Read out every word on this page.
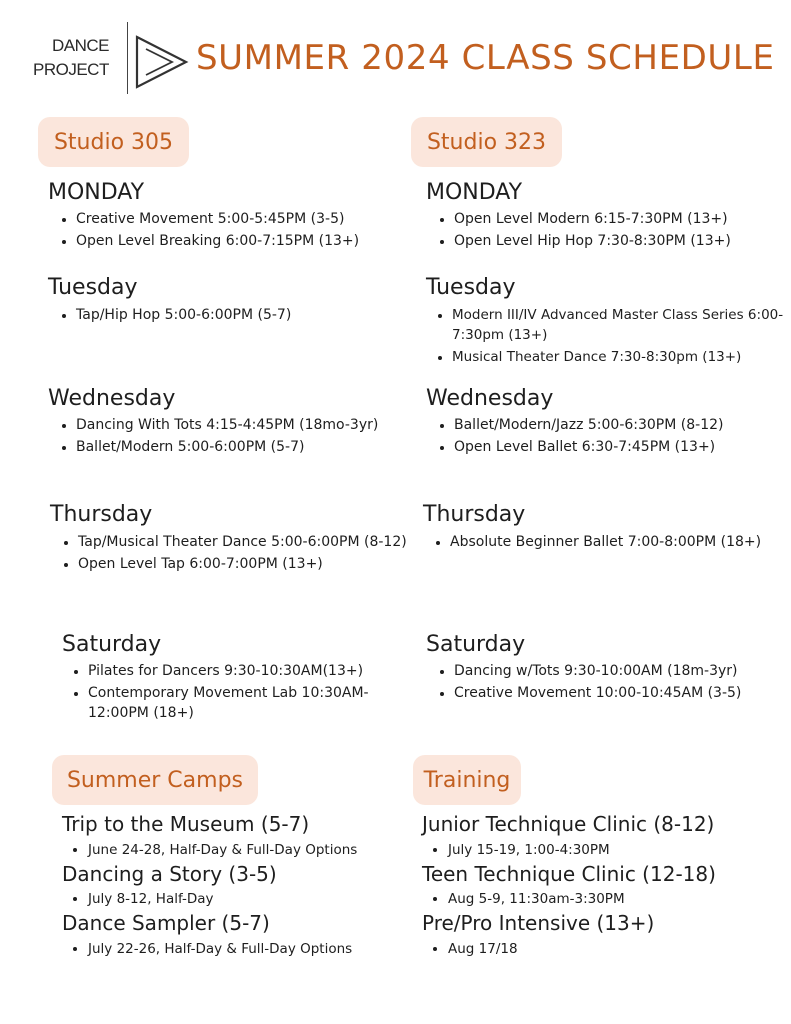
DANCE
PROJECT	SUMMER 2024 CLASS SCHEDULE
Studio 305
MONDAY
• Creative Movement 5:00-5:45PM (3-5)
• Open Level Breaking 6:00-7:15PM (13+)
Tuesday
• Tap/Hip Hop 5:00-6:00PM (5-7)
Wednesday
• Dancing With Tots 4:15-4:45PM (18mo-3yr)
• Ballet/Modern 5:00-6:00PM (5-7)
Thursday
• Tap/Musical Theater Dance 5:00-6:00PM (8-12)
• Open Level Tap 6:00-7:00PM (13+)
Saturday
• Pilates for Dancers 9:30-10:30AM(13+)
• Contemporary Movement Lab 10:30AM-12:00PM (18+)
Studio 323
MONDAY
• Open Level Modern 6:15-7:30PM (13+)
• Open Level Hip Hop 7:30-8:30PM (13+)
Tuesday
• Modern III/IV Advanced Master Class Series 6:00-7:30pm (13+)
• Musical Theater Dance 7:30-8:30pm (13+)
Wednesday
• Ballet/Modern/Jazz 5:00-6:30PM (8-12)
• Open Level Ballet 6:30-7:45PM (13+)
Thursday
• Absolute Beginner Ballet 7:00-8:00PM (18+)
Saturday
• Dancing w/Tots 9:30-10:00AM (18m-3yr)
• Creative Movement 10:00-10:45AM (3-5)
Summer Camps
Trip to the Museum (5-7)
• June 24-28, Half-Day & Full-Day Options
Dancing a Story (3-5)
• July 8-12, Half-Day
Dance Sampler (5-7)
• July 22-26, Half-Day & Full-Day Options
Training
Junior Technique Clinic (8-12)
• July 15-19, 1:00-4:30PM
Teen Technique Clinic (12-18)
• Aug 5-9, 11:30am-3:30PM
Pre/Pro Intensive (13+)
• Aug 17/18
